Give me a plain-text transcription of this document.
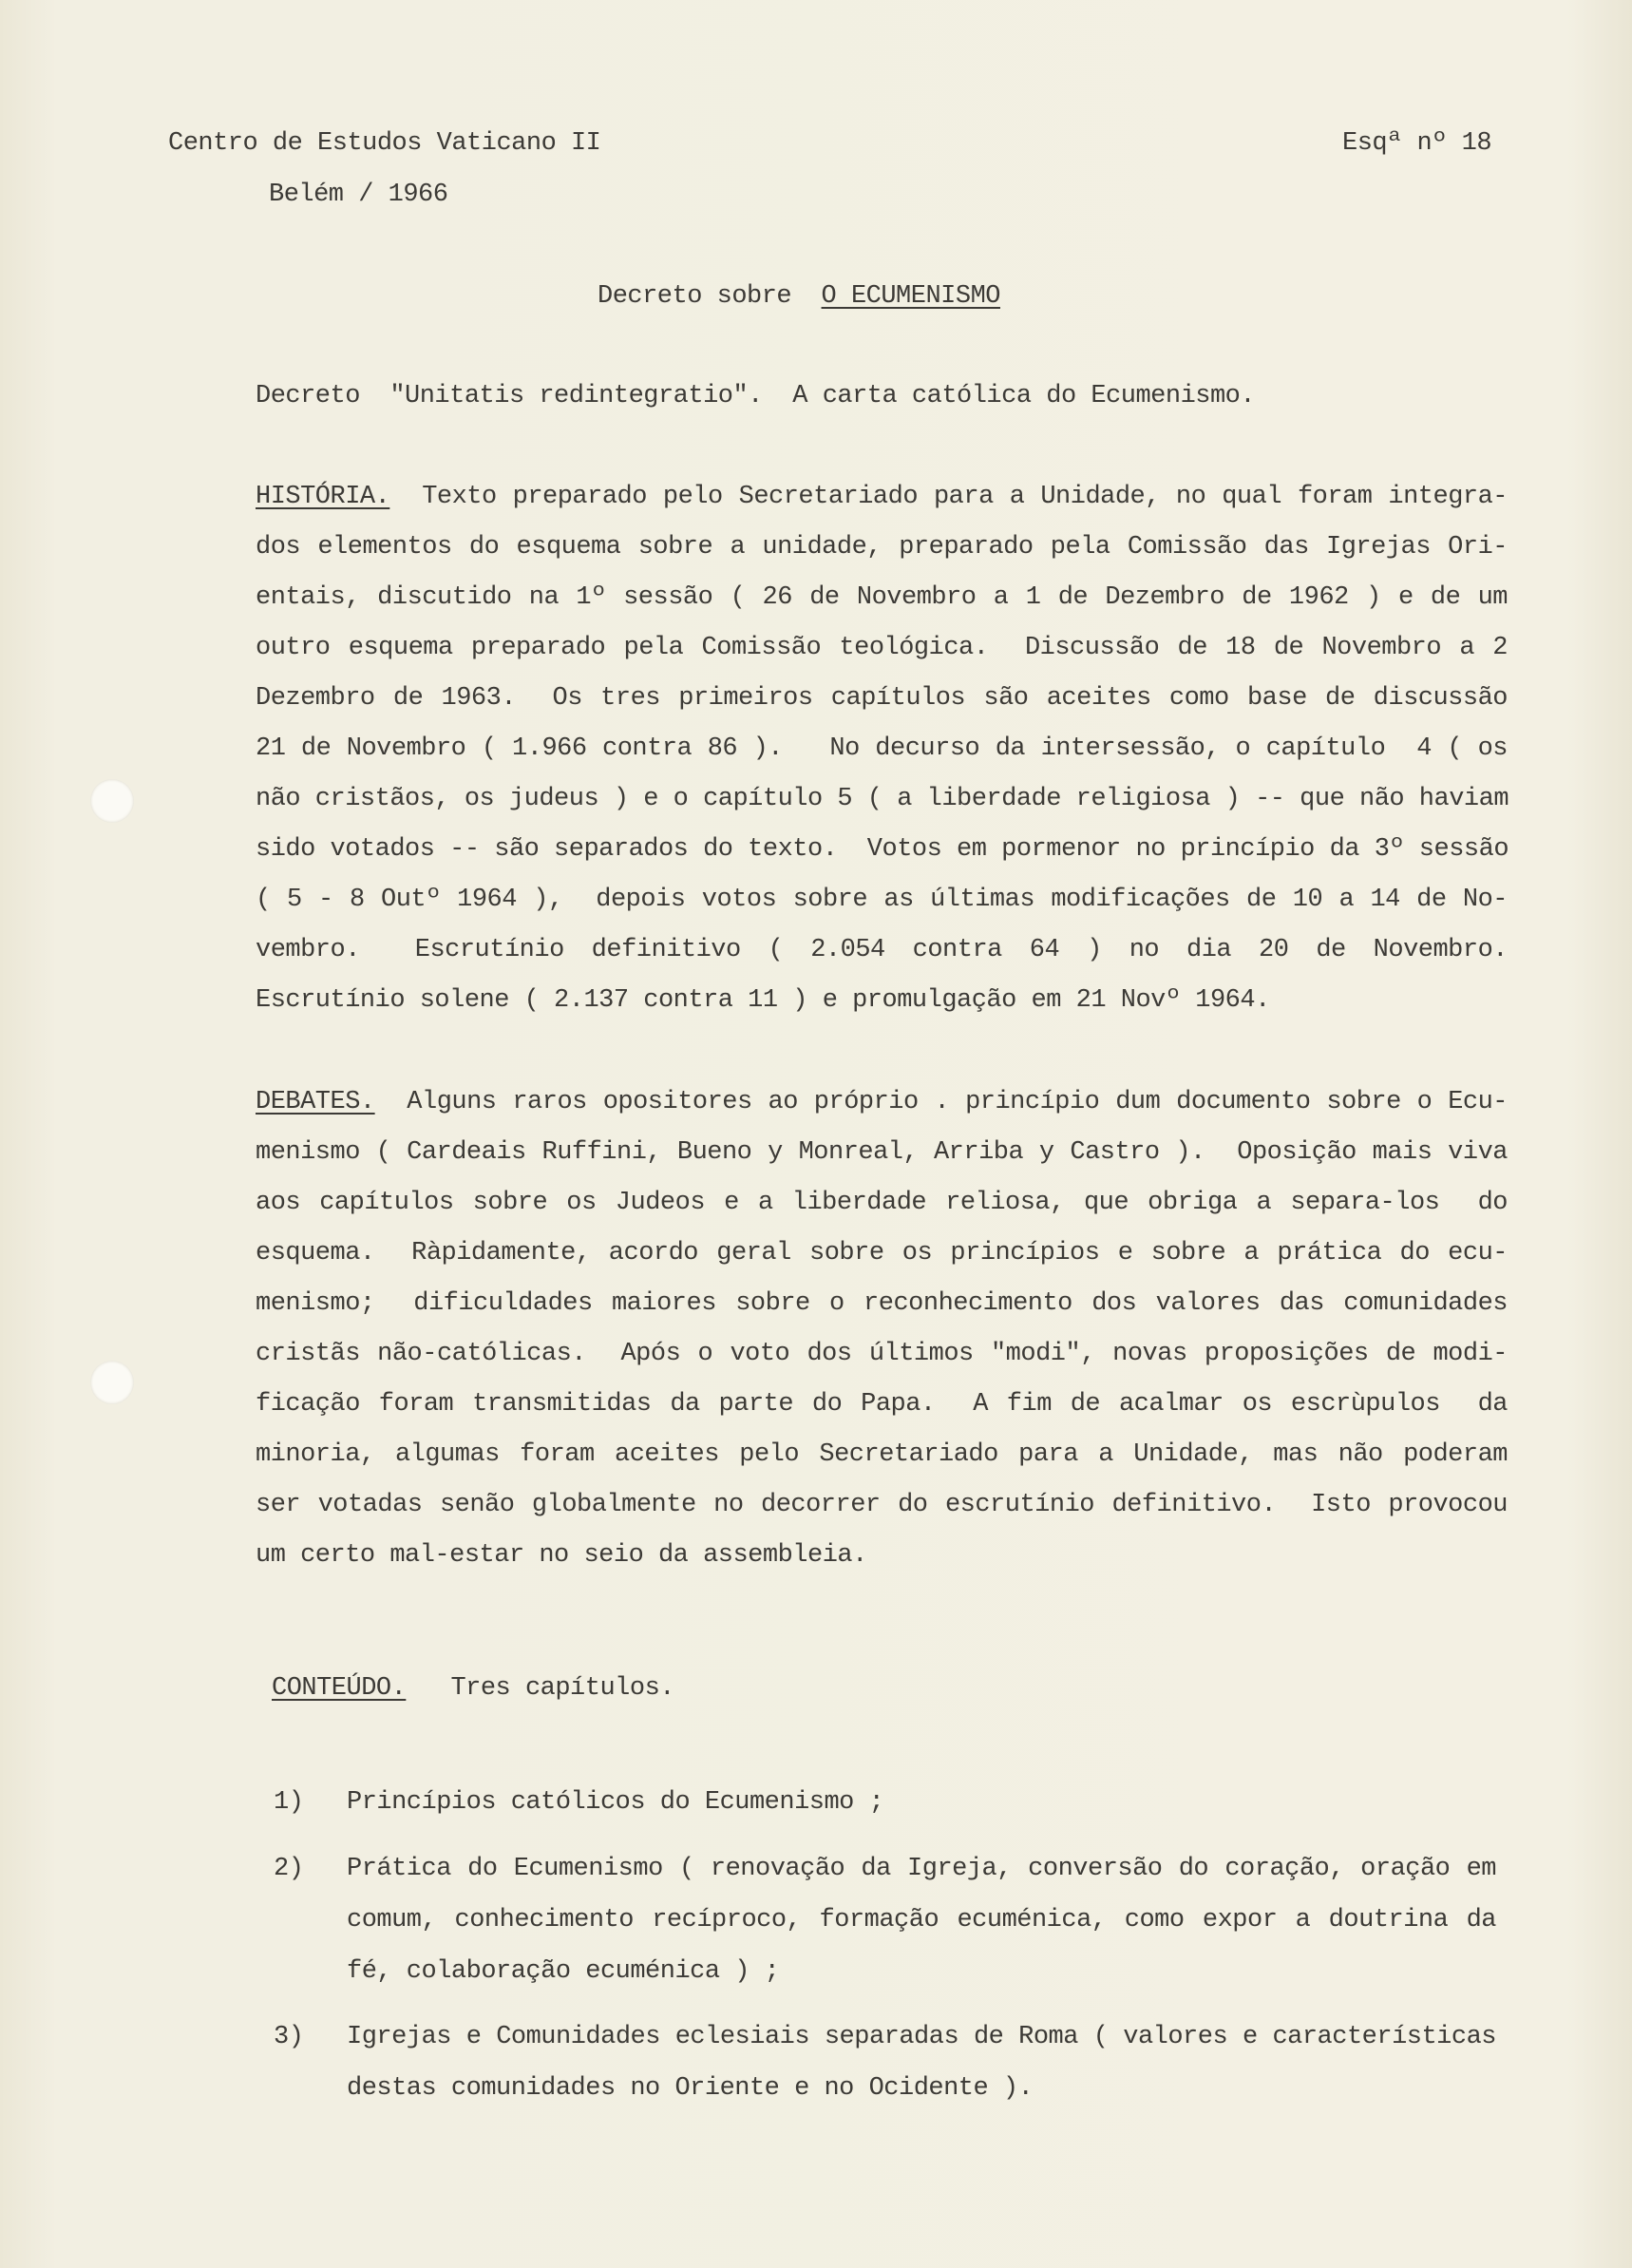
Centro de Estudos Vaticano II	Esqª nº 18
Belém / 1966
Decreto sobre O ECUMENISMO
Decreto  "Unitatis redintegratio".  A carta católica do Ecumenismo.
HISTÓRIA. Texto preparado pelo Secretariado para a Unidade, no qual foram integra-
dos elementos do esquema sobre a unidade, preparado pela Comissão das Igrejas Ori-
entais, discutido na 1º sessão ( 26 de Novembro a 1 de Dezembro de 1962 ) e de um
outro esquema preparado pela Comissão teológica.  Discussão de 18 de Novembro a 2
Dezembro de 1963.  Os tres primeiros capítulos são aceites como base de discussão
21 de Novembro ( 1.966 contra 86 ).   No decurso da intersessão, o capítulo  4 ( os
não cristãos, os judeus ) e o capítulo 5 ( a liberdade religiosa ) -- que não haviam
sido votados -- são separados do texto.  Votos em pormenor no princípio da 3º sessão
( 5 - 8 Outº 1964 ),  depois votos sobre as últimas modificações de 10 a 14 de No-
vembro.  Escrutínio definitivo ( 2.054 contra 64 ) no dia 20 de Novembro.
Escrutínio solene ( 2.137 contra 11 ) e promulgação em 21 Novº 1964.
DEBATES. Alguns raros opositores ao próprio . princípio dum documento sobre o Ecu-
menismo ( Cardeais Ruffini, Bueno y Monreal, Arriba y Castro ).  Oposição mais viva
aos capítulos sobre os Judeos e a liberdade reliosa, que obriga a separa-los  do
esquema.  Ràpidamente, acordo geral sobre os princípios e sobre a prática do ecu-
menismo;  dificuldades maiores sobre o reconhecimento dos valores das comunidades
cristãs não-católicas.  Após o voto dos últimos "modi", novas proposições de modi-
ficação foram transmitidas da parte do Papa.  A fim de acalmar os escrùpulos  da
minoria, algumas foram aceites pelo Secretariado para a Unidade, mas não poderam
ser votadas senão globalmente no decorrer do escrutínio definitivo.  Isto provocou
um certo mal-estar no seio da assembleia.
CONTEÚDO. Tres capítulos.
1) Princípios católicos do Ecumenismo ;
2) Prática do Ecumenismo ( renovação da Igreja, conversão do coração, oração em
comum, conhecimento recíproco, formação ecuménica, como expor a doutrina da
fé, colaboração ecuménica ) ;
3) Igrejas e Comunidades eclesiais separadas de Roma ( valores e características
destas comunidades no Oriente e no Ocidente ).
